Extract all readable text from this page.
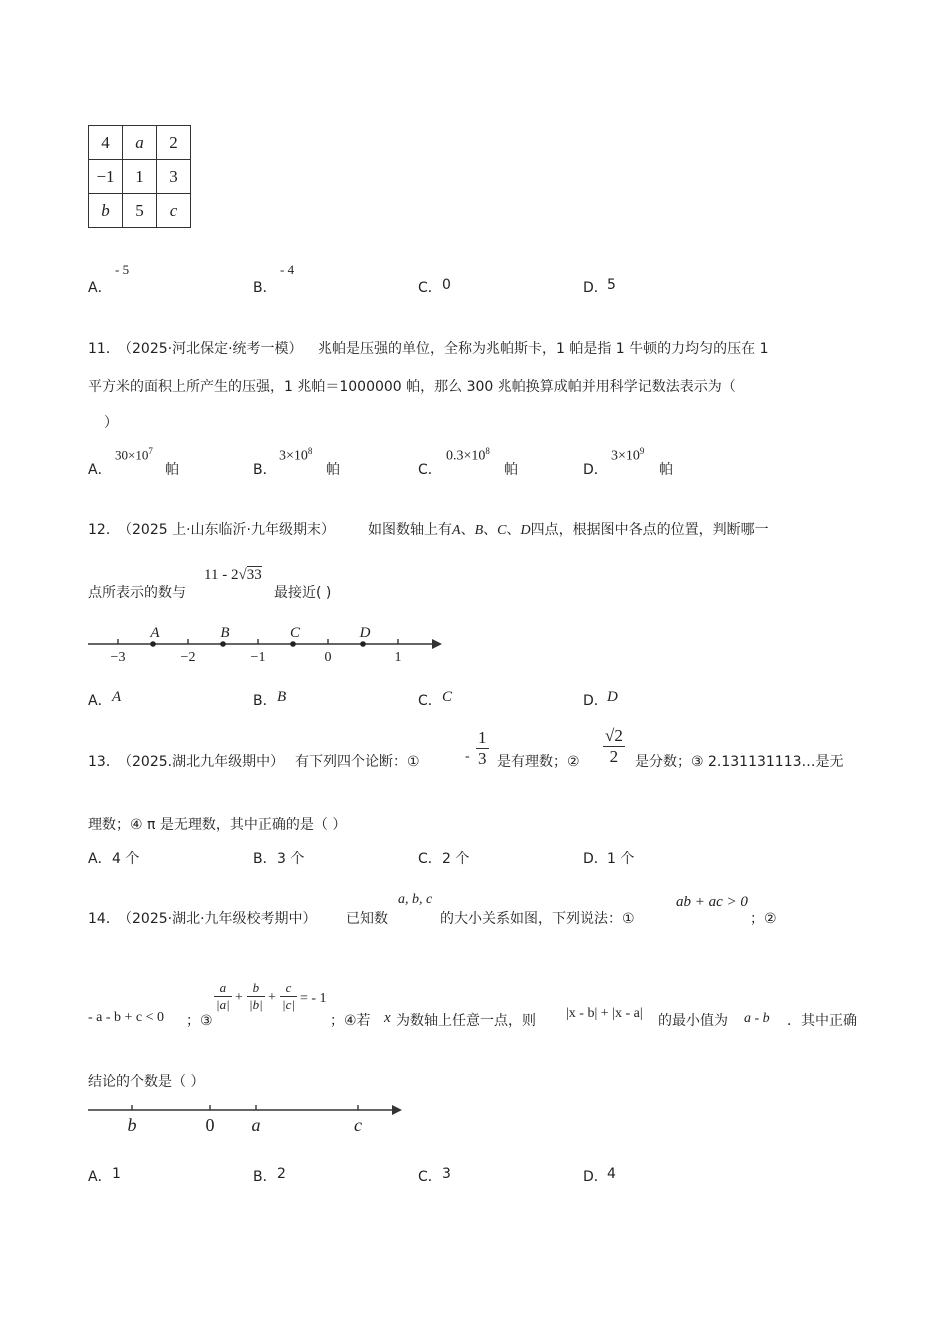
4	a	2
−1	1	3
b	5	c
A．
- 5
B．
- 4
C． 0	D． 5
11．
（2025·河北保定·统考一模） 兆帕是压强的单位，全称为兆帕斯卡，1 帕是指 1 牛顿的力均匀的压在 1
平方米的面积上所产生的压强，1 兆帕＝1000000 帕，那么 300 兆帕换算成帕并用科学记数法表示为（
）
A．
$30\times 10^7$
帕	B．
$3\times 10^8$
帕	C．
$0.3\times 10^8$
帕	D．
$3\times 10^9$
帕
12．
（2025 上·山东临沂·九年级期末） 如图数轴上有A、B、C、D四点，根据图中各点的位置，判断哪一
点所表示的数与
11 - 2√33
最接近( )
−3	−2	−1	0	1
A	B	C	D
A． A	B． B	C． C	D． D
13．
（2025.湖北九年级期中） 有下列四个论断：①	- $\frac{1}{3}$ 是有理数；② $\frac{√2}{2}$ 是分数；③ 2.131131113…是无
理数；④ π 是无理数，其中正确的是（ ）
A． 4 个	B． 3 个	C． 2 个	D． 1 个
14．
（2025·湖北·九年级校考期中） 已知数
a, b, c
的大小关系如图，下列说法：①
ab + ac > 0
；②
- a - b + c < 0 ；③
$\frac{a}{|a|} + \frac{b}{|b|} + \frac{c}{|c|}$ = - 1
；④若 x 为数轴上任意一点，则 |x - b| + |x - a| 的最小值为 a - b ．其中正确
结论的个数是（ ）
b	0 a	c
A． 1	B． 2	C． 3	D． 4
